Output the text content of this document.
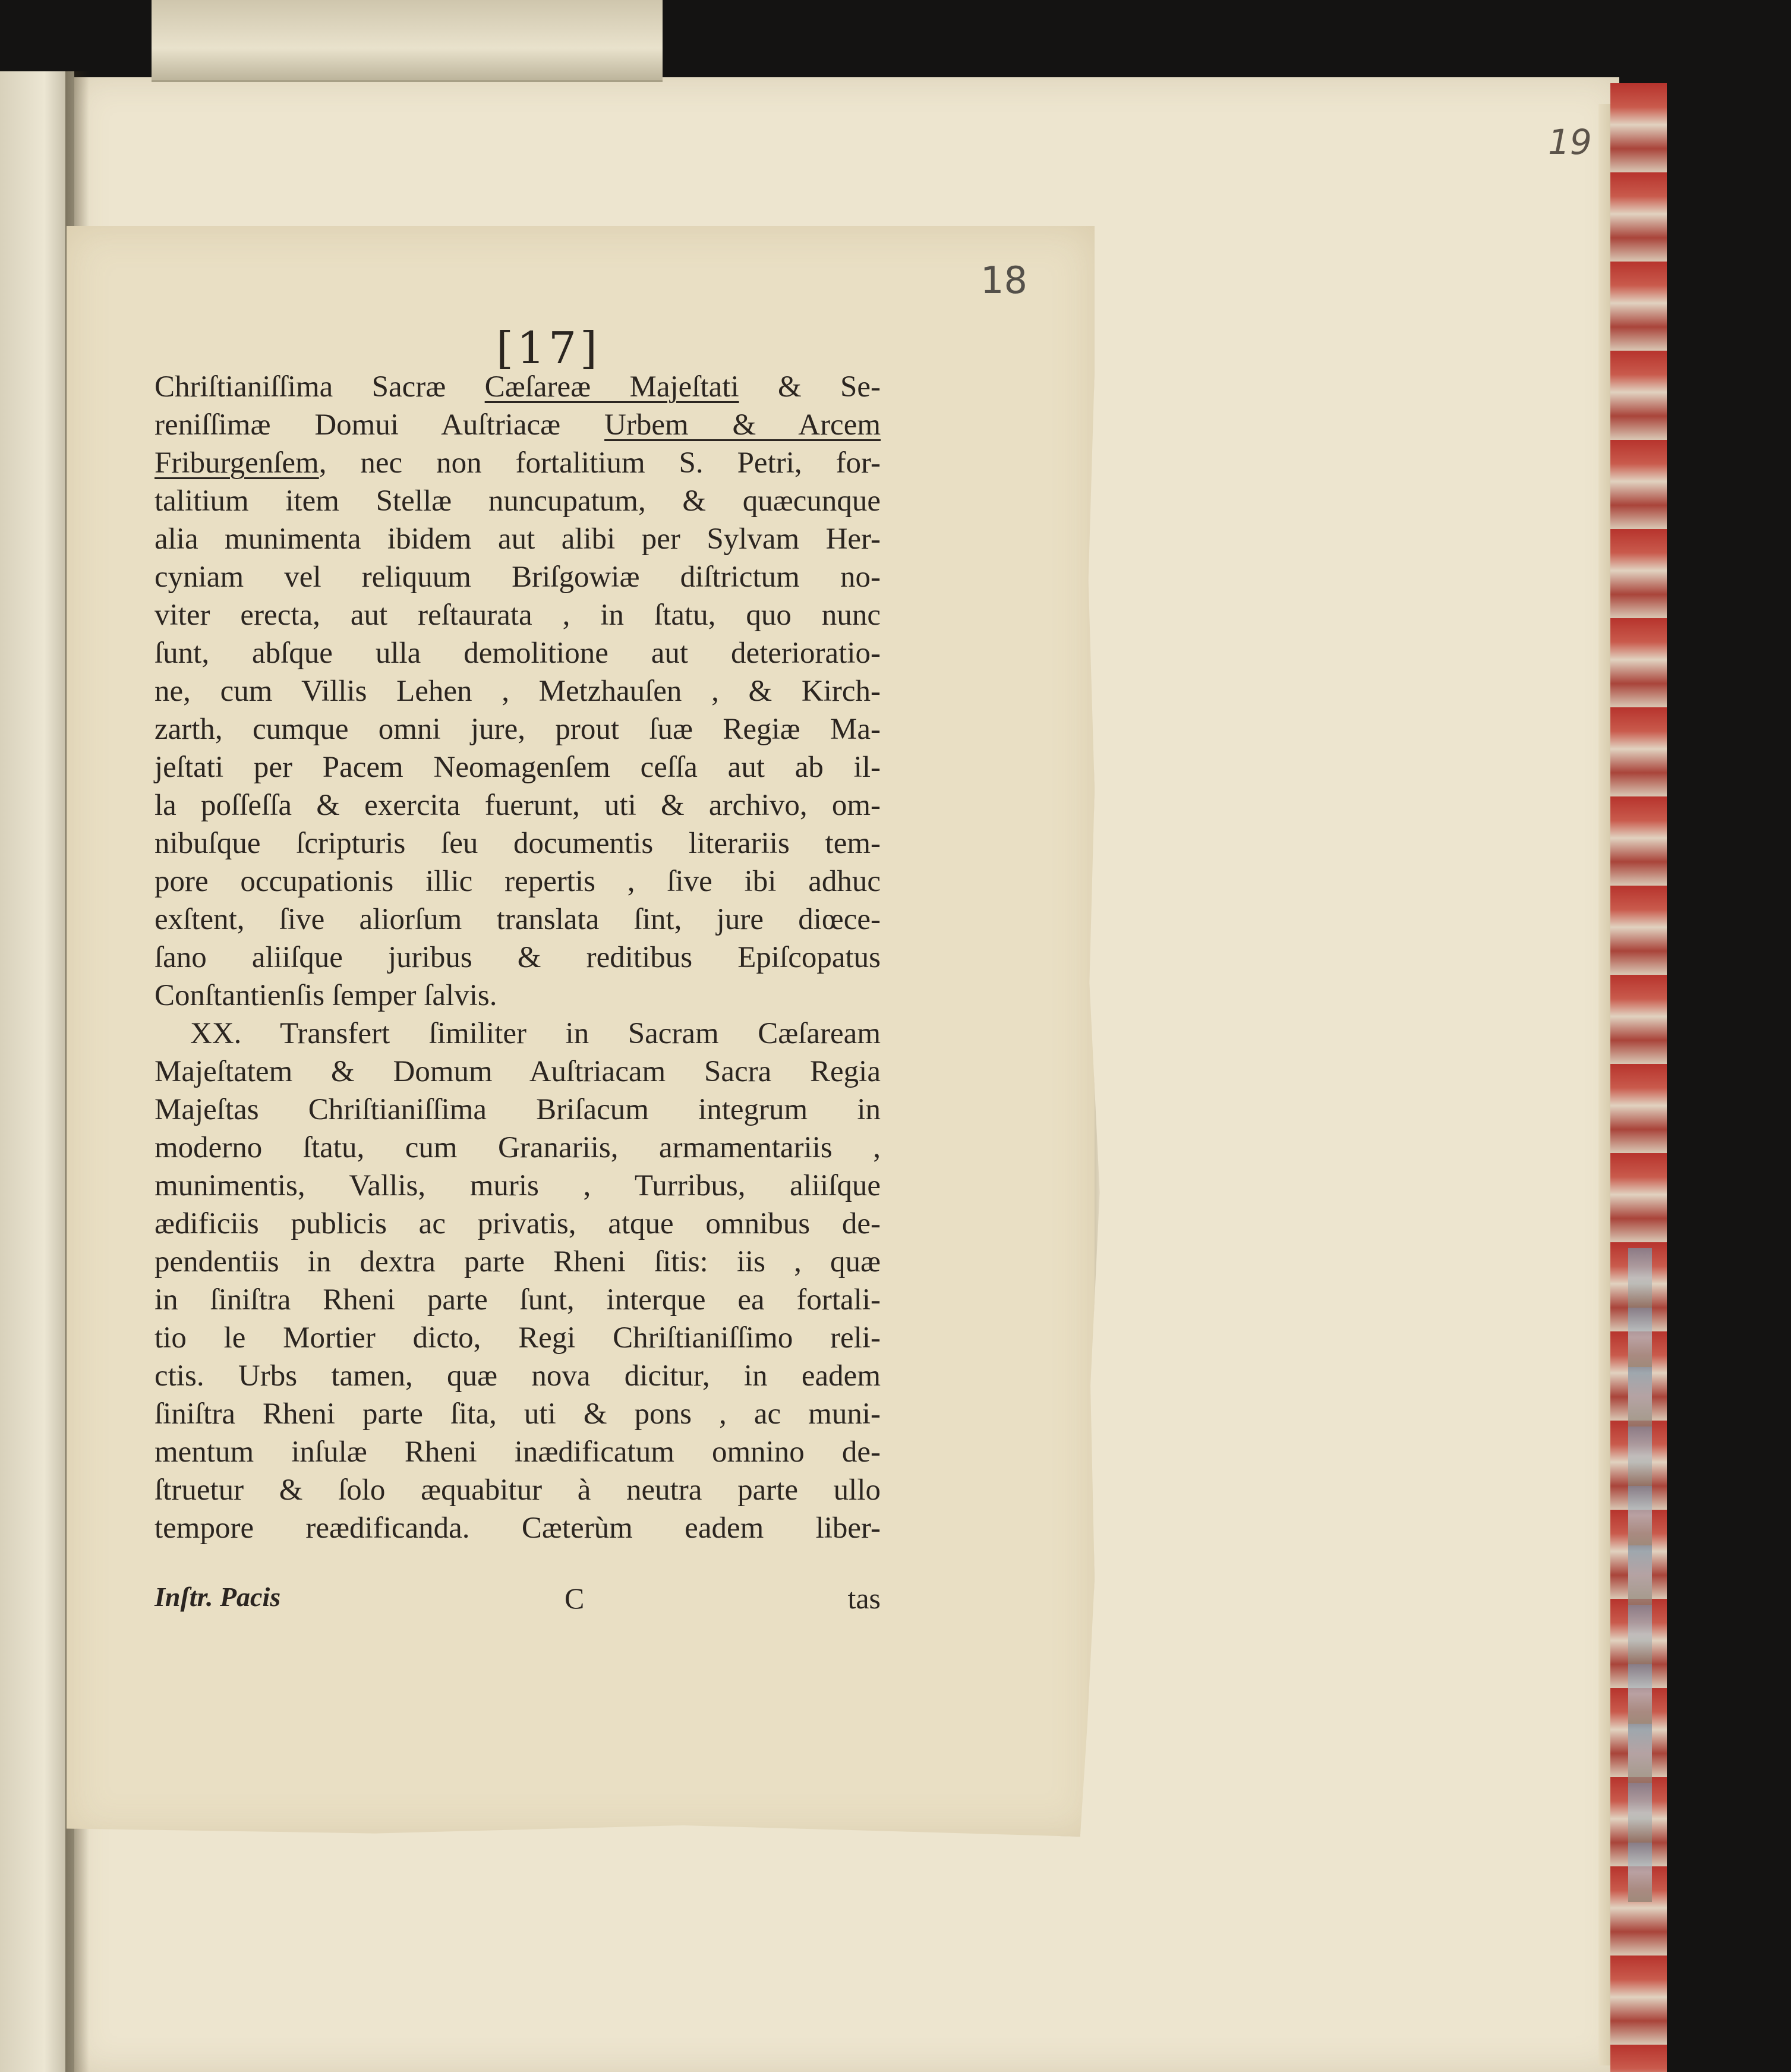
19
18
[17]
Chriſtianiſſima Sacræ Cæſareæ Majeſtati & Se-
reniſſimæ Domui Auſtriacæ Urbem & Arcem
Friburgenſem, nec non fortalitium S. Petri, for-
talitium item Stellæ nuncupatum, & quæcunque
alia munimenta ibidem aut alibi per Sylvam Her-
cyniam vel reliquum Briſgowiæ diſtrictum no-
viter erecta, aut reſtaurata , in ſtatu, quo nunc
ſunt, abſque ulla demolitione aut deterioratio-
ne, cum Villis Lehen , Metzhauſen , & Kirch-
zarth, cumque omni jure, prout ſuæ Regiæ Ma-
jeſtati per Pacem Neomagenſem ceſſa aut ab il-
la poſſeſſa & exercita fuerunt, uti & archivo, om-
nibuſque ſcripturis ſeu documentis literariis tem-
pore occupationis illic repertis , ſive ibi adhuc
exſtent, ſive aliorſum translata ſint, jure diœce-
ſano aliiſque juribus & reditibus Epiſcopatus
Conſtantienſis ſemper ſalvis.
XX. Transfert ſimiliter in Sacram Cæſaream
Majeſtatem & Domum Auſtriacam Sacra Regia
Majeſtas Chriſtianiſſima Briſacum integrum in
moderno ſtatu, cum Granariis, armamentariis ,
munimentis, Vallis, muris , Turribus, aliiſque
ædificiis publicis ac privatis, atque omnibus de-
pendentiis in dextra parte Rheni ſitis: iis , quæ
in ſiniſtra Rheni parte ſunt, interque ea fortali-
tio le Mortier dicto, Regi Chriſtianiſſimo reli-
ctis. Urbs tamen, quæ nova dicitur, in eadem
ſiniſtra Rheni parte ſita, uti & pons , ac muni-
mentum inſulæ Rheni inædificatum omnino de-
ſtruetur & ſolo æquabitur à neutra parte ullo
tempore reædificanda. Cæterùm eadem liber-
Inſtr. Pacis	C	tas
